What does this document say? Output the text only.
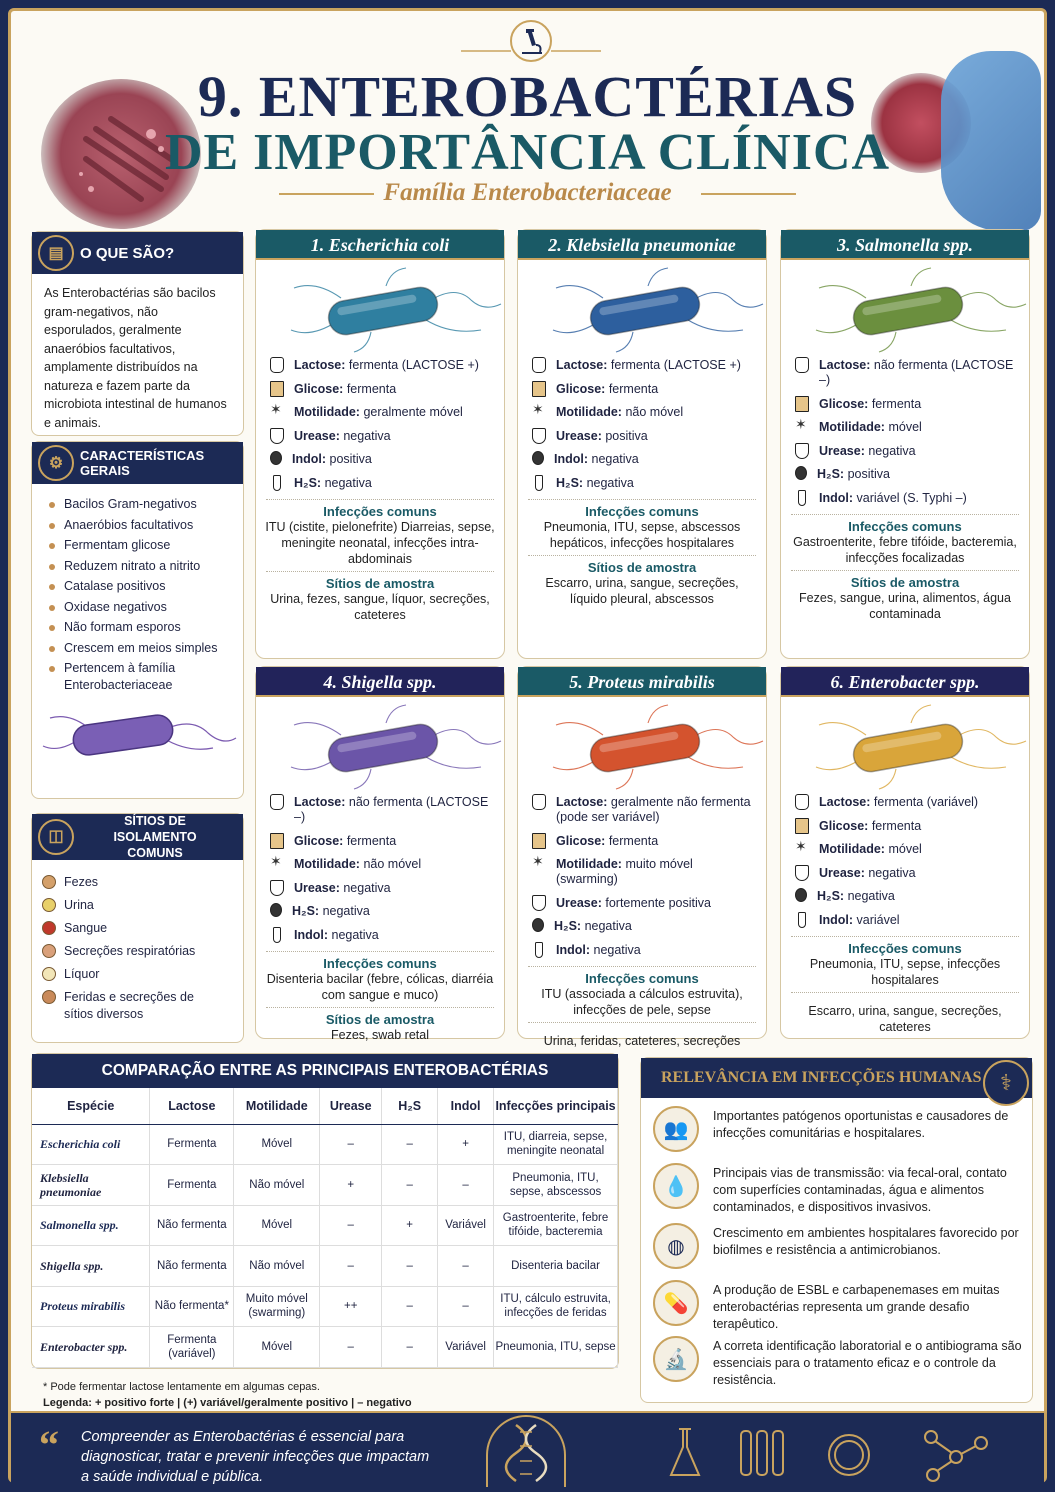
9. ENTEROBACTÉRIAS
DE IMPORTÂNCIA CLÍNICA
Família Enterobacteriaceae
▤	O QUE SÃO?
As Enterobactérias são bacilos gram-negativos, não esporulados, geralmente anaeróbios facultativos, amplamente distribuídos na natureza e fazem parte da microbiota intestinal de humanos e animais.
⚙	CARACTERÍSTICAS GERAIS
Bacilos Gram-negativos
Anaeróbios facultativos
Fermentam glicose
Reduzem nitrato a nitrito
Catalase positivos
Oxidase negativos
Não formam esporos
Crescem em meios simples
Pertencem à família Enterobacteriaceae
◫
SÍTIOS DE ISOLAMENTO COMUNS
Fezes
Urina
Sangue
Secreções respiratórias
Líquor
Feridas e secreções de sítios diversos
1. Escherichia coli
Lactose: fermenta (LACTOSE +)
Glicose: fermenta
✶
Motilidade: geralmente móvel
Urease: negativa
Indol: positiva
H₂S: negativa
Infecções comuns
ITU (cistite, pielonefrite) Diarreias, sepse, meningite neonatal, infecções intra-abdominais
Sítios de amostra
Urina, fezes, sangue, líquor, secreções, cateteres
2. Klebsiella pneumoniae
Lactose: fermenta (LACTOSE +)
Glicose: fermenta
✶
Motilidade: não móvel
Urease: positiva
Indol: negativa
H₂S: negativa
Infecções comuns
Pneumonia, ITU, sepse, abscessos hepáticos, infecções hospitalares
Sítios de amostra
Escarro, urina, sangue, secreções, líquido pleural, abscessos
3. Salmonella spp.
Lactose: não fermenta (LACTOSE –)
Glicose: fermenta
✶
Motilidade: móvel
Urease: negativa
H₂S: positiva
Indol: variável (S. Typhi –)
Infecções comuns
Gastroenterite, febre tifóide, bacteremia, infecções focalizadas
Sítios de amostra
Fezes, sangue, urina, alimentos, água contaminada
4. Shigella spp.
Lactose: não fermenta (LACTOSE –)
Glicose: fermenta
✶
Motilidade: não móvel
Urease: negativa
H₂S: negativa
Indol: negativa
Infecções comuns
Disenteria bacilar (febre, cólicas, diarréia com sangue e muco)
Sítios de amostra
Fezes, swab retal
5. Proteus mirabilis
Lactose: geralmente não fermenta (pode ser variável)
Glicose: fermenta
✶
Motilidade: muito móvel (swarming)
Urease: fortemente positiva
H₂S: negativa
Indol: negativa
Infecções comuns
ITU (associada a cálculos estruvita), infecções de pele, sepse
Urina, feridas, cateteres, secreções
6. Enterobacter spp.
Lactose: fermenta (variável)
Glicose: fermenta
✶
Motilidade: móvel
Urease: negativa
H₂S: negativa
Indol: variável
Infecções comuns
Pneumonia, ITU, sepse, infecções hospitalares
Escarro, urina, sangue, secreções, cateteres
COMPARAÇÃO ENTRE AS PRINCIPAIS ENTEROBACTÉRIAS
Espécie	Lactose	Motilidade	Urease	H₂S	Indol	Infecções principais
Escherichia coli	Fermenta	Móvel	–	–	+	ITU, diarreia, sepse, meningite neonatal
Klebsiella pneumoniae	Fermenta	Não móvel	+	–	–	Pneumonia, ITU, sepse, abscessos
Salmonella spp.	Não fermenta	Móvel	–	+	Variável	Gastroenterite, febre tifóide, bacteremia
Shigella spp.	Não fermenta	Não móvel	–	–	–	Disenteria bacilar
Proteus mirabilis	Não fermenta*	Muito móvel (swarming)	++	–	–	ITU, cálculo estruvita, infecções de feridas
Enterobacter spp.	Fermenta (variável)	Móvel	–	–	Variável	Pneumonia, ITU, sepse
* Pode fermentar lactose lentamente em algumas cepas.
Legenda: + positivo forte | (+) variável/geralmente positivo | – negativo
RELEVÂNCIA EM INFECÇÕES HUMANAS ⚕
👥
Importantes patógenos oportunistas e causadores de infecções comunitárias e hospitalares.
💧
Principais vias de transmissão: via fecal-oral, contato com superfícies contaminadas, água e alimentos contaminados, e dispositivos invasivos.
◍
Crescimento em ambientes hospitalares favorecido por biofilmes e resistência a antimicrobianos.
💊
A produção de ESBL e carbapenemases em muitas enterobactérias representa um grande desafio terapêutico.
🔬
A correta identificação laboratorial e o antibiograma são essenciais para o tratamento eficaz e o controle da resistência.
“ Compreender as Enterobactérias é essencial para diagnosticar, tratar e prevenir infecções que impactam a saúde individual e pública.
